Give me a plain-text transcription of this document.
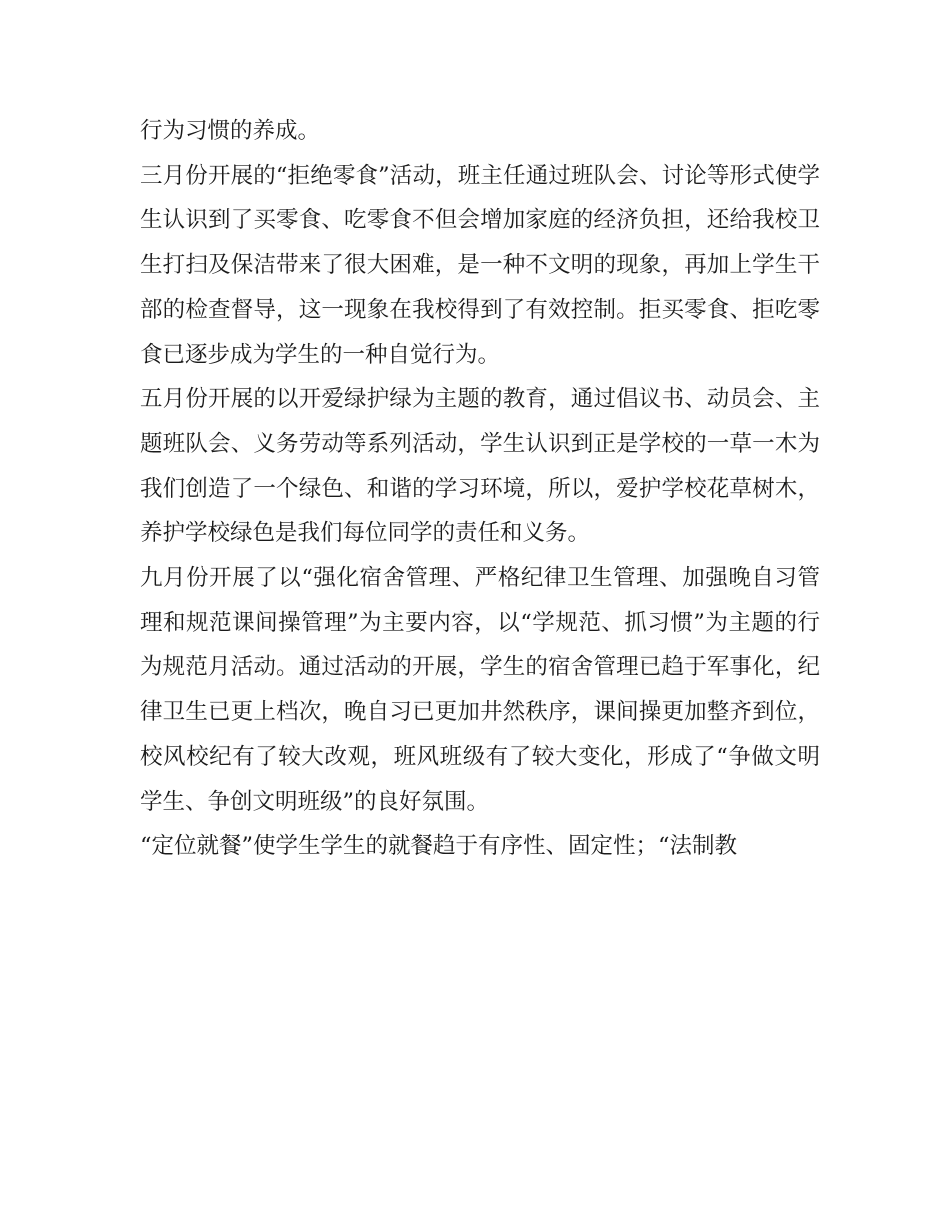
行为习惯的养成。

三月份开展的“拒绝零食”活动，班主任通过班队会、讨论等形式使学生认识到了买零食、吃零食不但会增加家庭的经济负担，还给我校卫生打扫及保洁带来了很大困难，是一种不文明的现象，再加上学生干部的检查督导，这一现象在我校得到了有效控制。拒买零食、拒吃零食已逐步成为学生的一种自觉行为。

五月份开展的以开爱绿护绿为主题的教育，通过倡议书、动员会、主题班队会、义务劳动等系列活动，学生认识到正是学校的一草一木为我们创造了一个绿色、和谐的学习环境，所以，爱护学校花草树木，养护学校绿色是我们每位同学的责任和义务。

九月份开展了以“强化宿舍管理、严格纪律卫生管理、加强晚自习管理和规范课间操管理”为主要内容，以“学规范、抓习惯”为主题的行为规范月活动。通过活动的开展，学生的宿舍管理已趋于军事化，纪律卫生已更上档次，晚自习已更加井然秩序，课间操更加整齐到位，校风校纪有了较大改观，班风班级有了较大变化，形成了“争做文明学生、争创文明班级”的良好氛围。

“定位就餐”使学生学生的就餐趋于有序性、固定性；“法制教
